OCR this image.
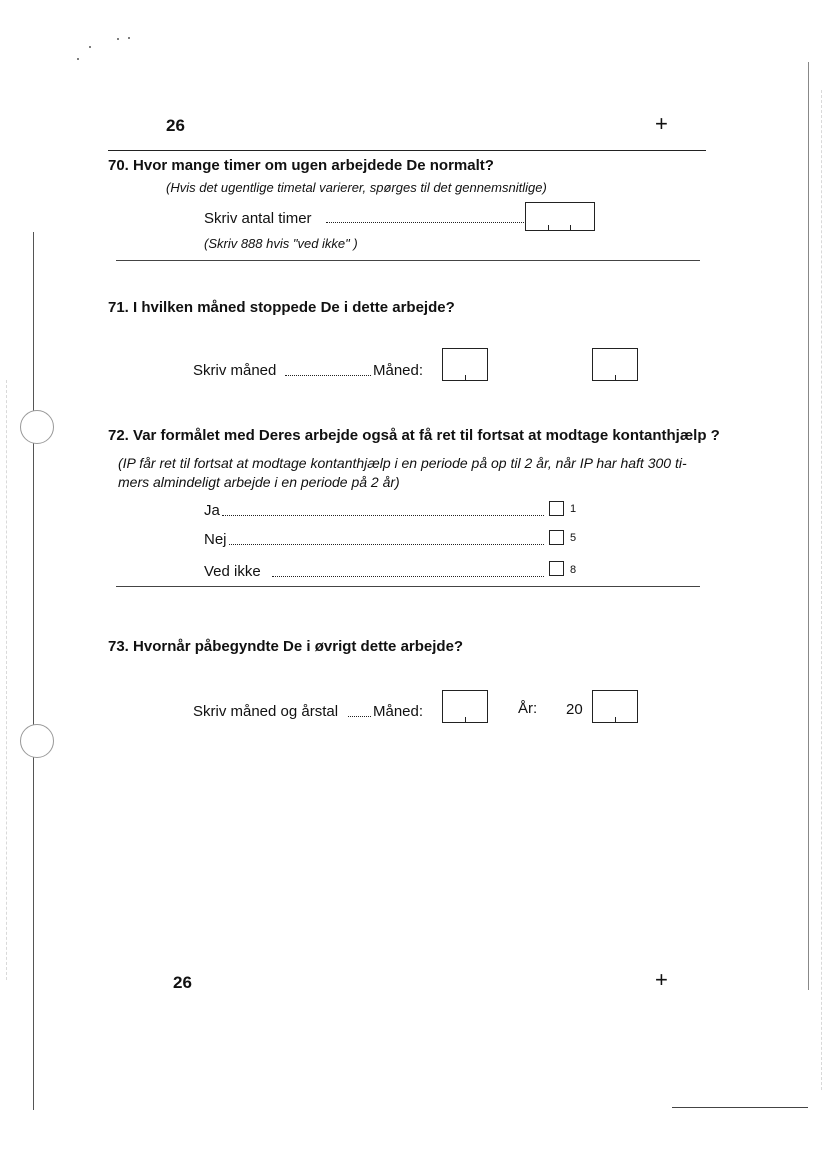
26	+
70. Hvor mange timer om ugen arbejdede De normalt?
(Hvis det ugentlige timetal varierer, spørges til det gennemsnitlige)
Skriv antal timer
(Skriv 888 hvis "ved ikke" )
71. I hvilken måned stoppede De i dette arbejde?
Skriv måned	Måned:
72. Var formålet med Deres arbejde også at få ret til fortsat at modtage kontanthjælp ?
(IP får ret til fortsat at modtage kontanthjælp i en periode på op til 2 år, når IP har haft 300 ti-
mers almindeligt arbejde i en periode på 2 år)
Ja	1
Nej	5
Ved ikke	8
73. Hvornår påbegyndte De i øvrigt dette arbejde?
Skriv måned og årstal Måned:	År: 20
26	+
